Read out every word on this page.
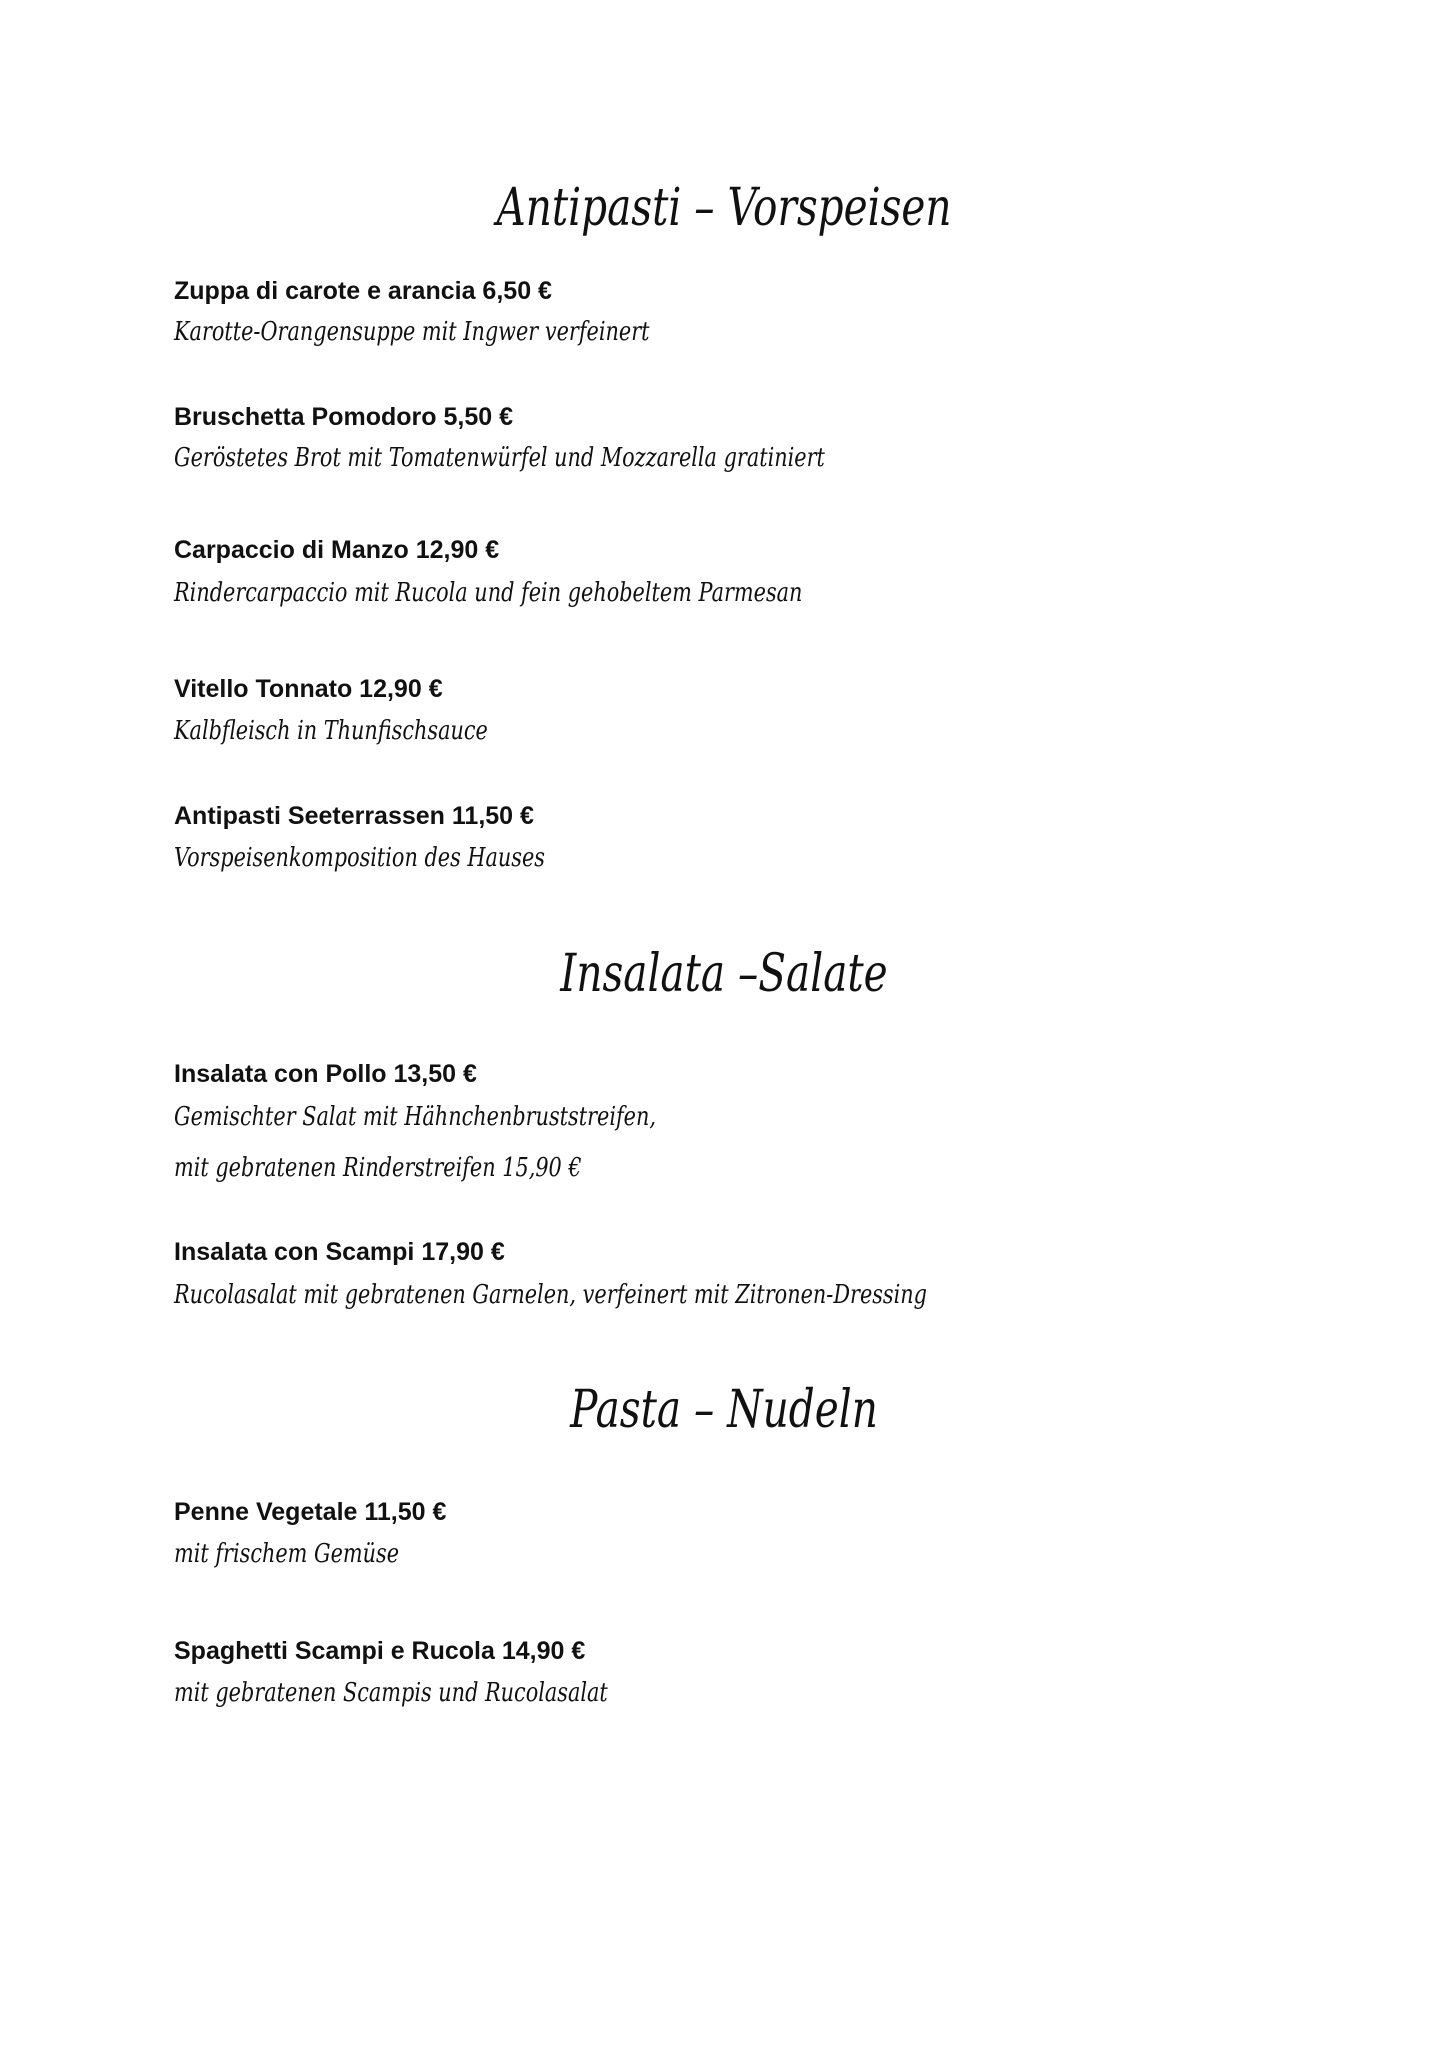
Antipasti – Vorspeisen
Zuppa di carote e arancia 6,50 €
Karotte-Orangensuppe mit Ingwer verfeinert
Bruschetta Pomodoro 5,50 €
Geröstetes Brot mit Tomatenwürfel und Mozzarella gratiniert
Carpaccio di Manzo 12,90 €
Rindercarpaccio mit Rucola und fein gehobeltem Parmesan
Vitello Tonnato 12,90 €
Kalbfleisch in Thunfischsauce
Antipasti Seeterrassen 11,50 €
Vorspeisenkomposition des Hauses
Insalata –Salate
Insalata con Pollo 13,50 €
Gemischter Salat mit Hähnchenbruststreifen,
mit gebratenen Rinderstreifen 15,90 €
Insalata con Scampi 17,90 €
Rucolasalat mit gebratenen Garnelen, verfeinert mit Zitronen-Dressing
Pasta – Nudeln
Penne Vegetale 11,50 €
mit frischem Gemüse
Spaghetti Scampi e Rucola 14,90 €
mit gebratenen Scampis und Rucolasalat
